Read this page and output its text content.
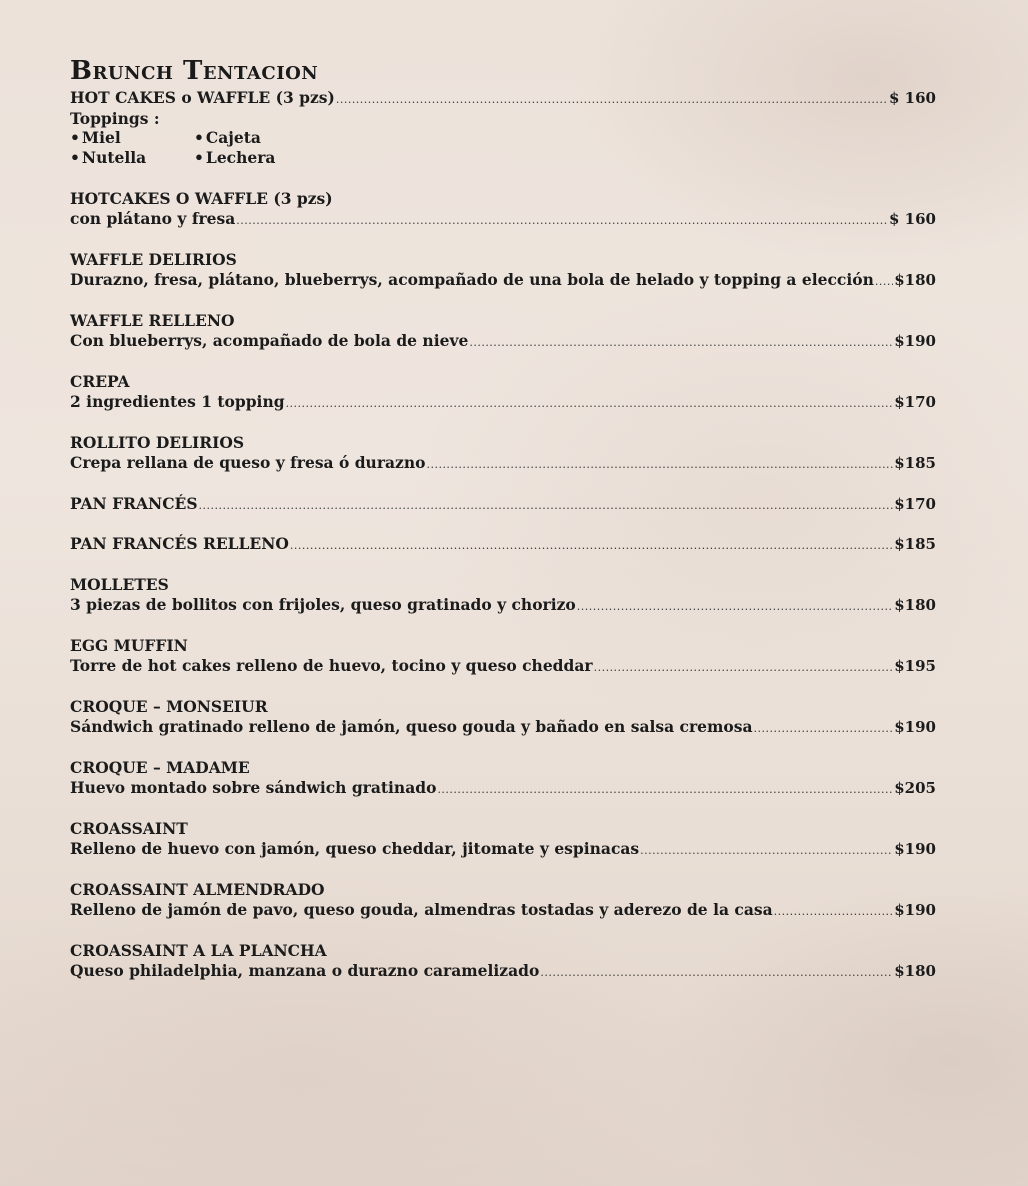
Brunch Tentacion
HOT CAKES o WAFFLE (3 pzs) .....	$ 160
Toppings :
• Miel	• Cajeta
• Nutella	• Lechera
HOTCAKES O WAFFLE (3 pzs)
con plátano y fresa .....	$ 160
WAFFLE DELIRIOS
Durazno, fresa, plátano, blueberrys, acompañado de una bola de helado y topping a elección ..... $180
WAFFLE RELLENO
Con blueberrys, acompañado de bola de nieve .....	$190
CREPA
2 ingredientes 1 topping .....	$170
ROLLITO DELIRIOS
Crepa rellana de queso y fresa ó durazno .....	$185
PAN FRANCÉS .....	$170
PAN FRANCÉS RELLENO .....	$185
MOLLETES
3 piezas de bollitos con frijoles, queso gratinado y chorizo .....	$180
EGG MUFFIN
Torre de hot cakes relleno de huevo, tocino y queso cheddar .....	$195
CROQUE – MONSEIUR
Sándwich gratinado relleno de jamón, queso gouda y bañado en salsa cremosa .....	$190
CROQUE – MADAME
Huevo montado sobre sándwich gratinado .....	$205
CROASSAINT
Relleno de huevo con jamón, queso cheddar, jitomate y espinacas .....	$190
CROASSAINT ALMENDRADO
Relleno de jamón de pavo, queso gouda, almendras tostadas y aderezo de la casa .....	$190
CROASSAINT A LA PLANCHA
Queso philadelphia, manzana o durazno caramelizado .....	$180
